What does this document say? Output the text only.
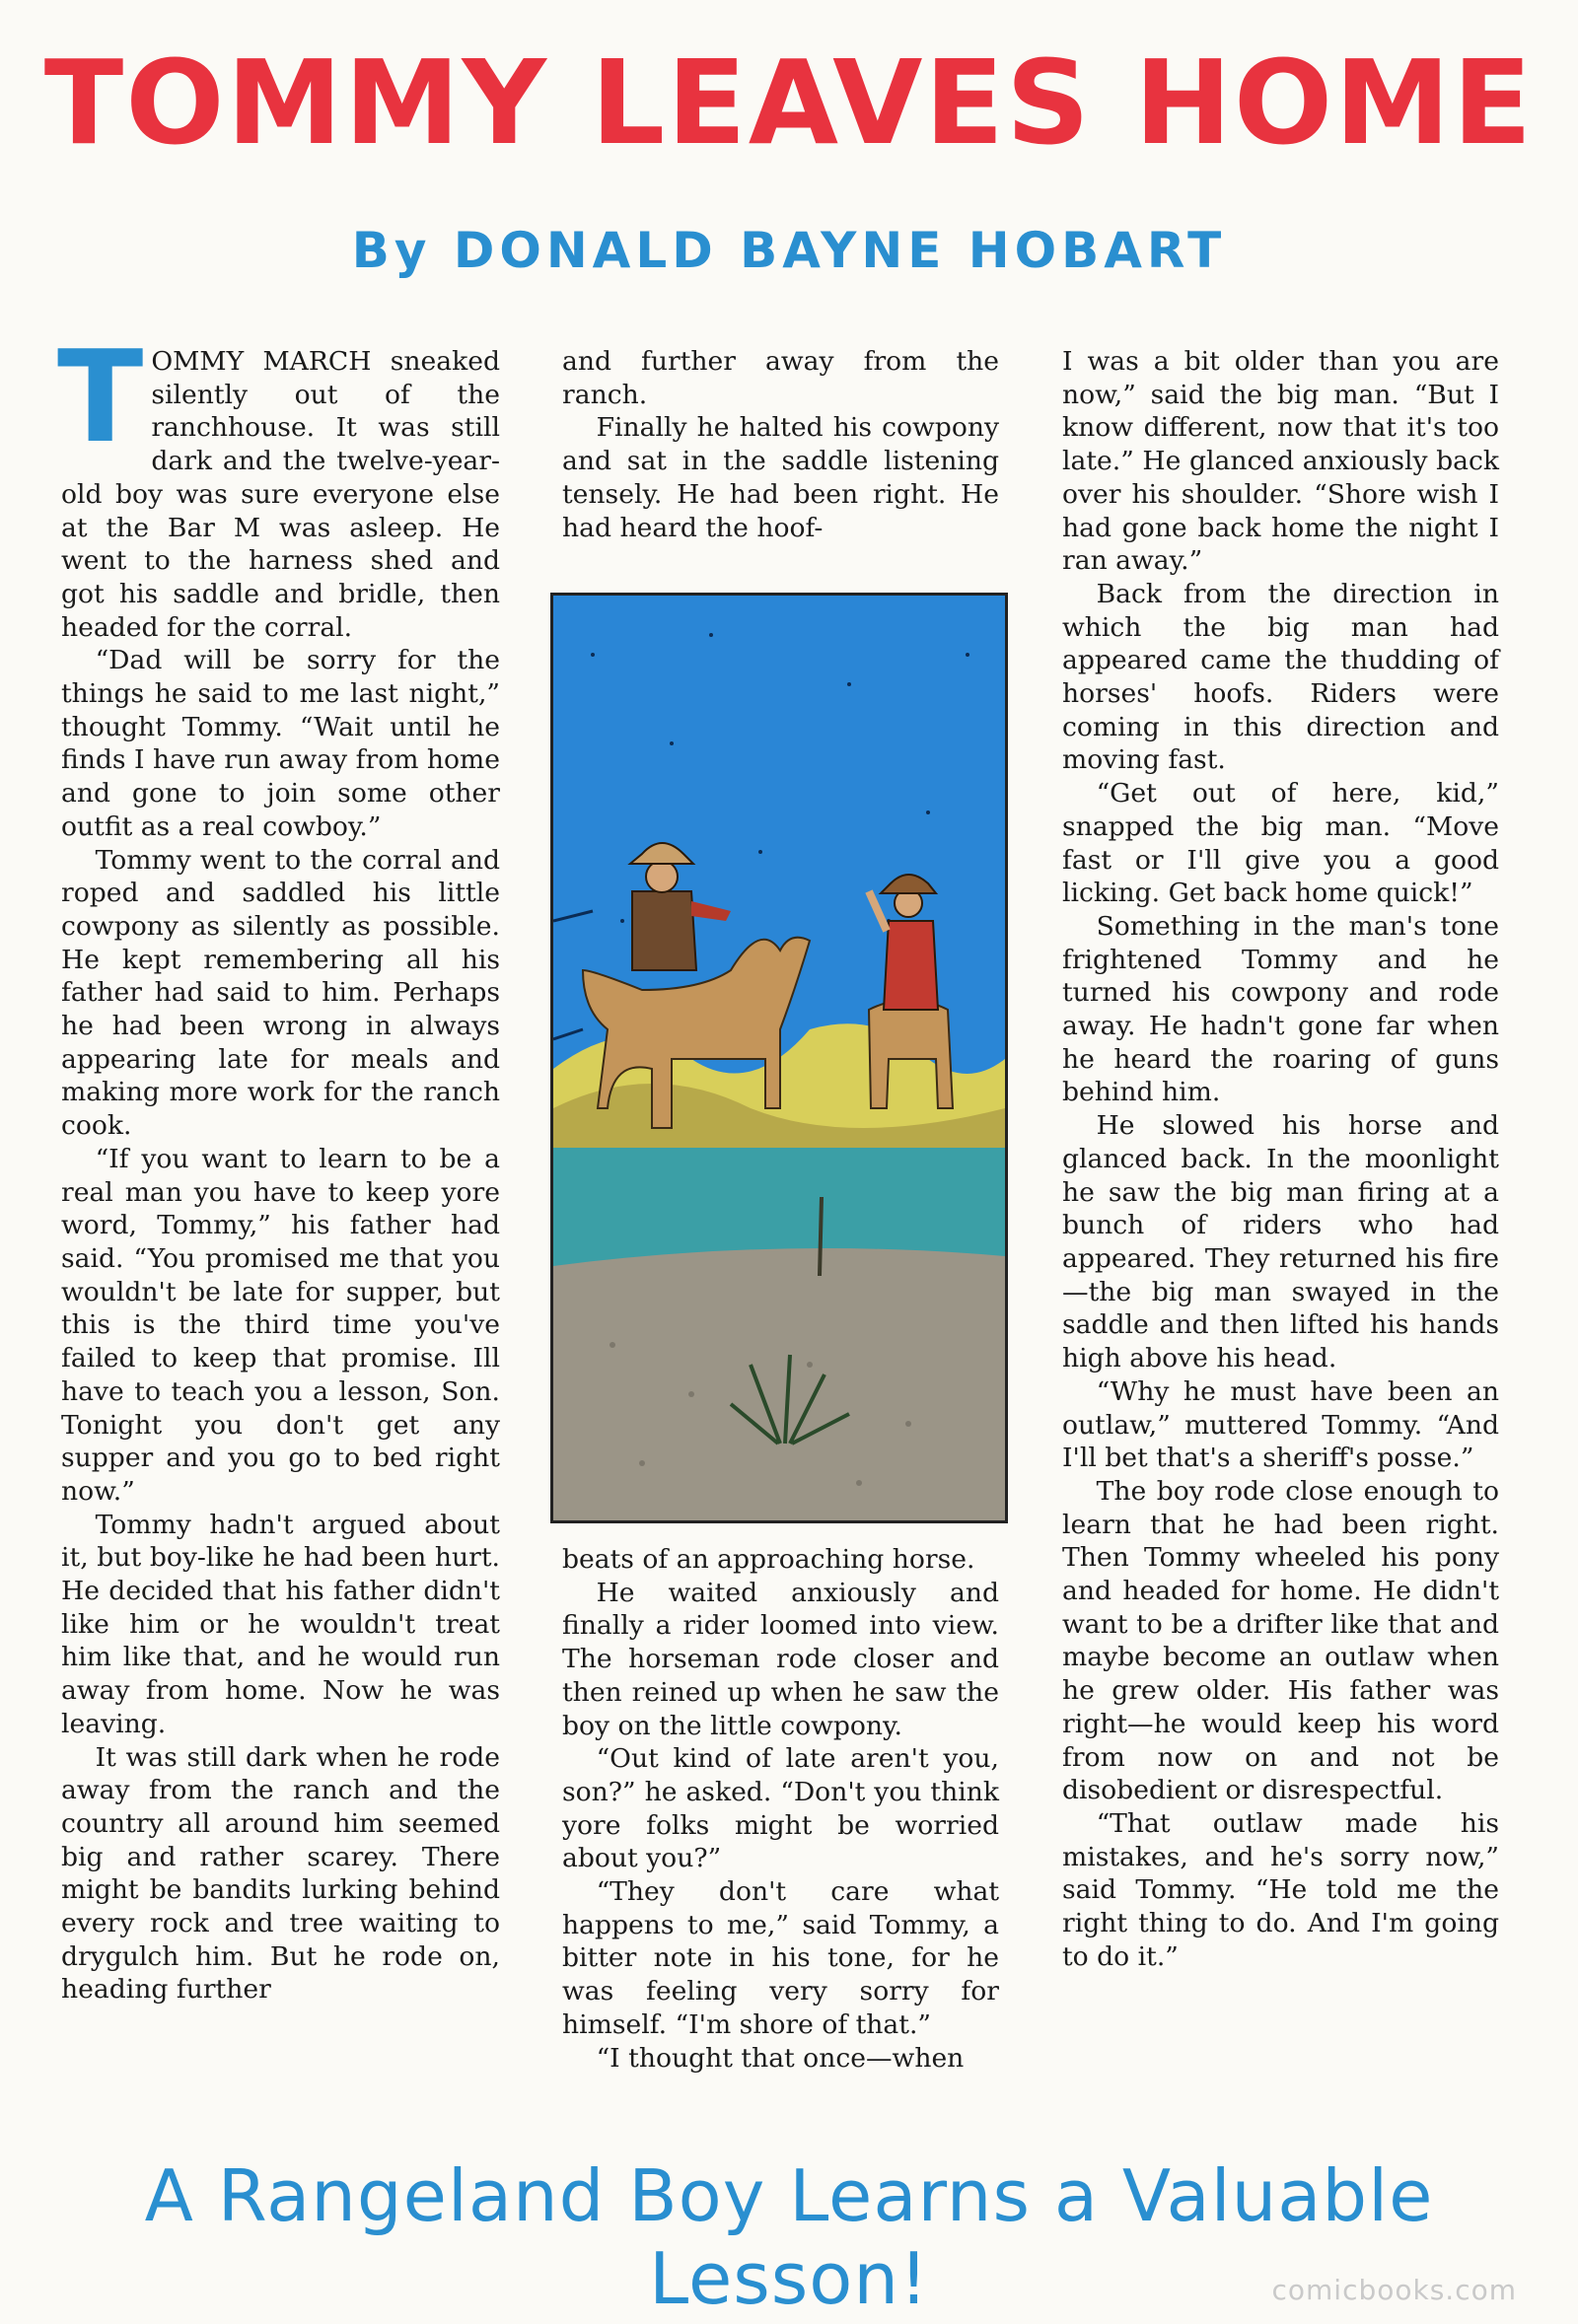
TOMMY LEAVES HOME
By DONALD BAYNE HOBART
T OMMY MARCH sneaked silently out of the ranchhouse. It was still dark and the twelve-year-old boy was sure everyone else at the Bar M was asleep. He went to the harness shed and got his saddle and bridle, then headed for the corral.

“Dad will be sorry for the things he said to me last night,” thought Tommy. “Wait until he finds I have run away from home and gone to join some other outfit as a real cowboy.”

Tommy went to the corral and roped and saddled his little cowpony as silently as possible. He kept remembering all his father had said to him. Perhaps he had been wrong in always appearing late for meals and making more work for the ranch cook.

“If you want to learn to be a real man you have to keep yore word, Tommy,” his father had said. “You promised me that you wouldn't be late for supper, but this is the third time you've failed to keep that promise. Ill have to teach you a lesson, Son. Tonight you don't get any supper and you go to bed right now.”

Tommy hadn't argued about it, but boy-like he had been hurt. He decided that his father didn't like him or he wouldn't treat him like that, and he would run away from home. Now he was leaving.

It was still dark when he rode away from the ranch and the country all around him seemed big and rather scarey. There might be bandits lurking behind every rock and tree waiting to drygulch him. But he rode on, heading further

and further away from the ranch.

Finally he halted his cowpony and sat in the saddle listening tensely. He had been right. He had heard the hoof-

beats of an approaching horse.

He waited anxiously and finally a rider loomed into view. The horseman rode closer and then reined up when he saw the boy on the little cowpony.

“Out kind of late aren't you, son?” he asked. “Don't you think yore folks might be worried about you?”

“They don't care what happens to me,” said Tommy, a bitter note in his tone, for he was feeling very sorry for himself. “I'm shore of that.”

“I thought that once—when

I was a bit older than you are now,” said the big man. “But I know different, now that it's too late.” He glanced anxiously back over his shoulder. “Shore wish I had gone back home the night I ran away.”

Back from the direction in which the big man had appeared came the thudding of horses' hoofs. Riders were coming in this direction and moving fast.

“Get out of here, kid,” snapped the big man. “Move fast or I'll give you a good licking. Get back home quick!”

Something in the man's tone frightened Tommy and he turned his cowpony and rode away. He hadn't gone far when he heard the roaring of guns behind him.

He slowed his horse and glanced back. In the moonlight he saw the big man firing at a bunch of riders who had appeared. They returned his fire—the big man swayed in the saddle and then lifted his hands high above his head.

“Why he must have been an outlaw,” muttered Tommy. “And I'll bet that's a sheriff's posse.”

The boy rode close enough to learn that he had been right. Then Tommy wheeled his pony and headed for home. He didn't want to be a drifter like that and maybe become an outlaw when he grew older. His father was right—he would keep his word from now on and not be disobedient or disrespectful.

“That outlaw made his mistakes, and he's sorry now,” said Tommy. “He told me the right thing to do. And I'm going to do it.”

A Rangeland Boy Learns a Valuable Lesson!	comicbooks.com
